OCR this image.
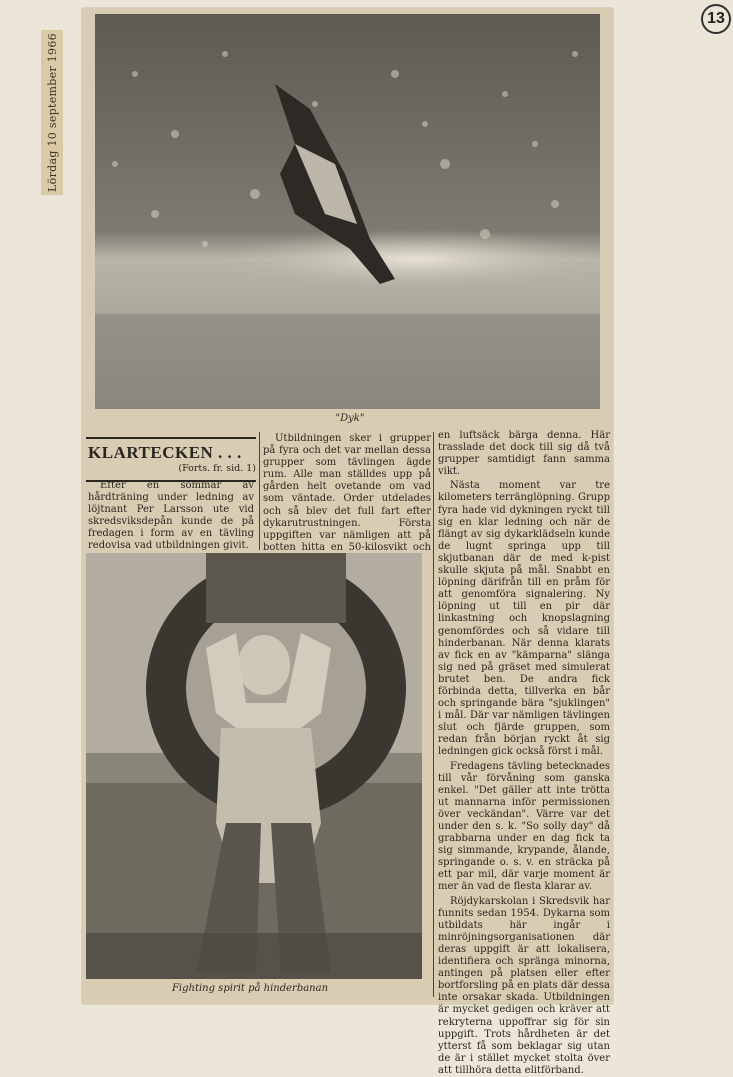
13
Lördag 10 september 1966
"Dyk"
KLARTECKEN . . .
(Forts. fr. sid. 1)

Efter en sommar av hårdträning under ledning av löjtnant Per Larsson ute vid skredsviksdepån kunde de på fredagen i form av en tävling redovisa vad utbildningen givit.

Utbildningen sker i grupper på fyra och det var mellan dessa grupper som tävlingen ägde rum. Alle man ställdes upp på gården helt ovetande om vad som väntade. Order utdelades och så blev det full fart efter dykarutrustningen. Första uppgiften var nämligen att på botten hitta en 50-kilosvikt och

en luftsäck bärga denna. Här trasslade det dock till sig då två grupper samtidigt fann samma vikt.

Nästa moment var tre kilometers terränglöpning. Grupp fyra hade vid dykningen ryckt till sig en klar ledning och när de flängt av sig dykarklädseln kunde de lugnt springa upp till skjutbanan där de med k-pist skulle skjuta på mål. Snabbt en löpning därifrån till en pråm för att genomföra signalering. Ny löpning ut till en pir där linkastning och knopslagning genomfördes och så vidare till hinderbanan. När denna klarats av fick en av "kämparna" slänga sig ned på gräset med simulerat brutet ben. De andra fick förbinda detta, tillverka en bår och springande bära "sjuklingen" i mål. Där var nämligen tävlingen slut och fjärde gruppen, som redan från början ryckt åt sig ledningen gick också först i mål.

Fredagens tävling betecknades till vår förvåning som ganska enkel. "Det gäller att inte trötta ut mannarna inför permissionen över veckändan". Värre var det under den s. k. "So solly day" då grabbarna under en dag fick ta sig simmande, krypande, ålande, springande o. s. v. en sträcka på ett par mil, där varje moment är mer än vad de flesta klarar av.

Röjdykarskolan i Skredsvik har funnits sedan 1954. Dykarna som utbildats här ingår i minröjningsorganisationen där deras uppgift är att lokalisera, identifiera och spränga minorna, antingen på platsen eller efter bortforsling på en plats där dessa inte orsakar skada. Utbildningen är mycket gedigen och kräver att rekryterna uppoffrar sig för sin uppgift. Trots hårdheten är det ytterst få som beklagar sig utan de är i stället mycket stolta över att tillhöra detta elitförband.

Fighting spirit på hinderbanan
